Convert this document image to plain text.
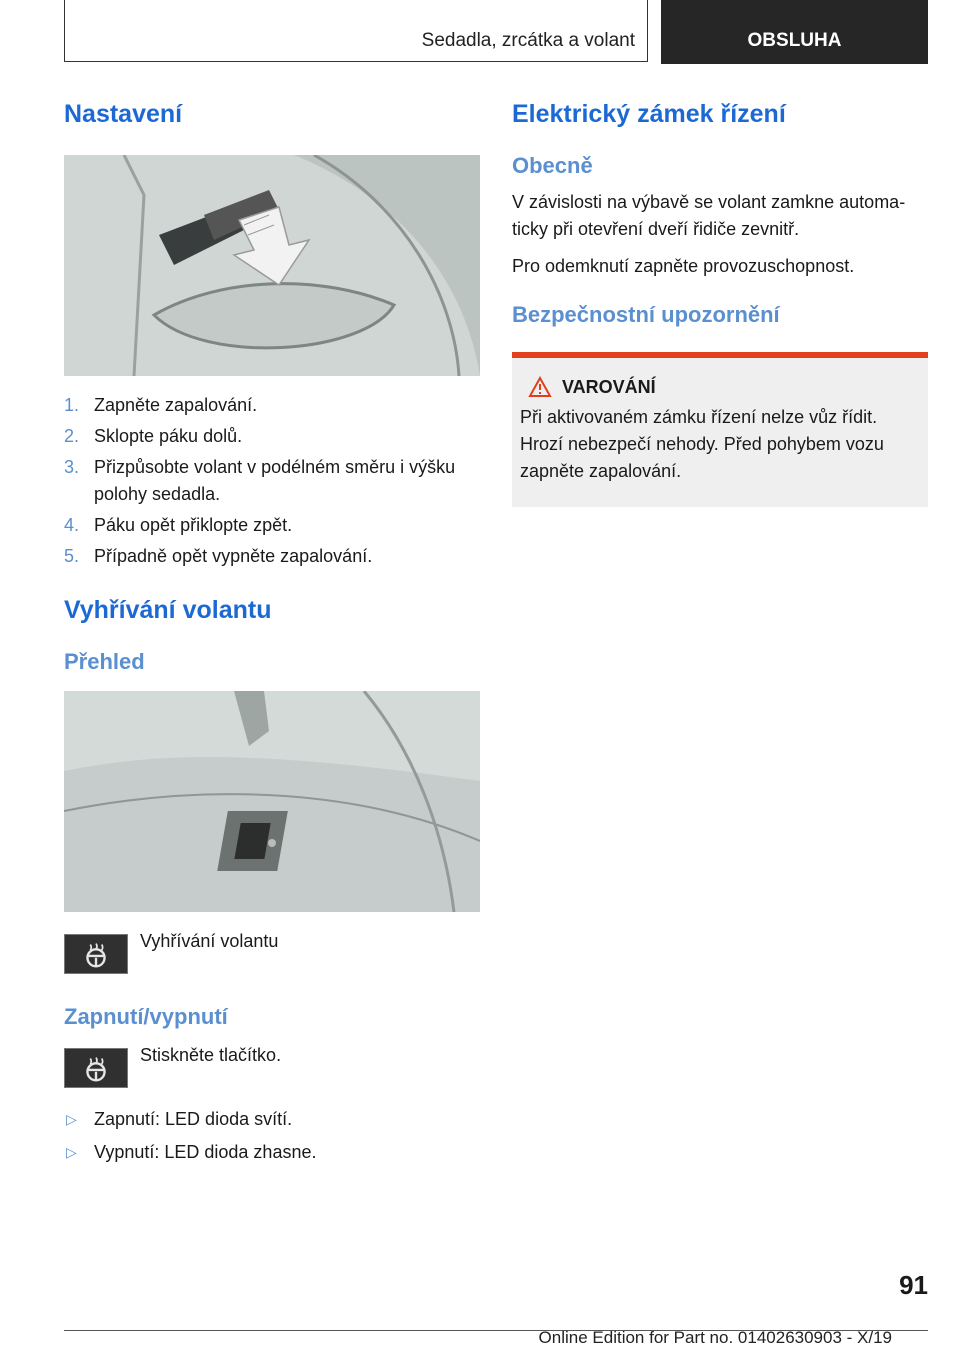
Sedadla, zrcátka a volant	OBSLUHA
Nastavení
1. Zapněte zapalování.
2. Sklopte páku dolů.
3. Přizpůsobte volant v podélném směru i výšku polohy sedadla.
4. Páku opět přiklopte zpět.
5. Případně opět vypněte zapalování.
Vyhřívání volantu
Přehled
Vyhřívání volantu
Zapnutí/vypnutí
Stiskněte tlačítko.
▷ Zapnutí: LED dioda svítí.
▷ Vypnutí: LED dioda zhasne.
Elektrický zámek řízení
Obecně

V závislosti na výbavě se volant zamkne automa-ticky při otevření dveří řidiče zevnitř.

Pro odemknutí zapněte provozuschopnost.

Bezpečnostní upozornění
VAROVÁNÍ

Při aktivovaném zámku řízení nelze vůz řídit. Hrozí nebezpečí nehody. Před pohybem vozu zapněte zapalování.

91
Online Edition for Part no. 01402630903 - X/19
